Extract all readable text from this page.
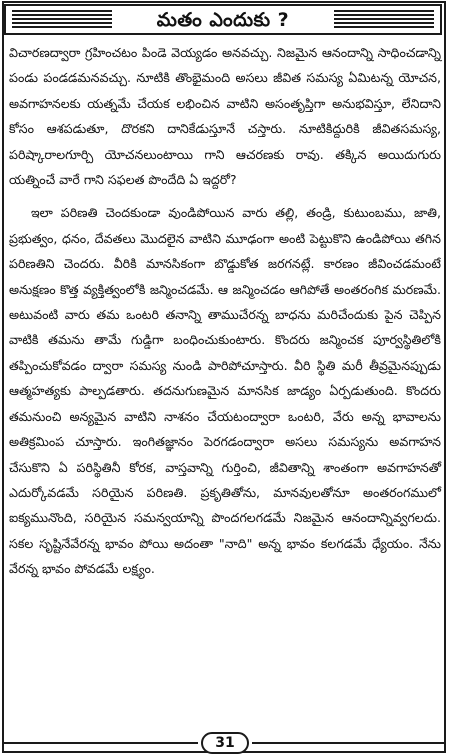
మతం ఎందుకు ?

విచారణద్వారా గ్రహించటం పిండె వెయ్యడం అనవచ్చు. నిజమైన ఆనందాన్ని సాధించడాన్ని పండు పండడమనవచ్చు. నూటికి తొంభైమంది అసలు జీవిత సమస్య ఏమిటన్న యోచన, అవగాహనలకు యత్నమే చేయక లభించిన వాటిని అసంతృప్తిగా అనుభవిస్తూ, లేనిదాని కోసం ఆశపడుతూ, దొరకని దానికేడుస్తూనే చస్తారు. నూటికిద్దురికి జీవితసమస్య, పరిష్కారాలగూర్చి యోచనలుంటాయి గాని ఆచరణకు రావు. తక్కిన అయిదుగురు యత్నించే వారే గాని సఫలత పొందేది ఏ ఇద్దరో?

ఇలా పరిణతి చెందకుండా వుండిపోయిన వారు తల్లి, తండ్రి, కుటుంబము, జాతి, ప్రభుత్వం, ధనం, దేవతలు మొదలైన వాటిని మూఢంగా అంటి పెట్టుకొని ఉండిపోయి తగిన పరిణతిని చెందరు. వీరికి మానసికంగా బొడ్డుకోత జరగనట్లే. కారణం జీవించడమంటే అనుక్షణం కొత్త వ్యక్తిత్వంలోకి జన్మించడమే. ఆ జన్మించడం ఆగిపోతే అంతరంగిక మరణమే. అటువంటి వారు తమ ఒంటరి తనాన్ని తాముచేరన్న బాధను మరిచేందుకు పైన చెప్పిన వాటికి తమను తామే గుడ్డిగా బంధించుకుంటారు. కొందరు జన్మించక పూర్వస్థితిలోకి తప్పించుకోవడం ద్వారా సమస్య నుండి పారిపోచూస్తారు. వీరి స్థితి మరీ తీవ్రమైనప్పుడు ఆత్మహత్యకు పాల్పడతారు. తదనుగుణమైన మానసిక జాడ్యం ఏర్పడుతుంది. కొందరు తమనుంచి అన్యమైన వాటిని నాశనం చేయటంద్వారా ఒంటరి, వేరు అన్న భావాలను అతిక్రమింప చూస్తారు. ఇంగితజ్ఞానం పెరగడంద్వారా అసలు సమస్యను అవగాహన చేసుకొని ఏ పరిస్థితినీ కోరక, వాస్తవాన్ని గుర్తించి, జీవితాన్ని శాంతంగా అవగాహనతో ఎదుర్కోవడమే సరియైన పరిణతి. ప్రకృతితోను, మానవులతోనూ అంతరంగములో ఐక్యమునొంది, సరియైన సమన్వయాన్ని పొందగలగడమే నిజమైన ఆనందాన్నివ్వగలదు. సకల సృష్టినేవేరన్న భావం పోయి అదంతా "నాది" అన్న భావం కలగడమే ధ్యేయం. నేను వేరన్న భావం పోవడమే లక్ష్యం.

31
